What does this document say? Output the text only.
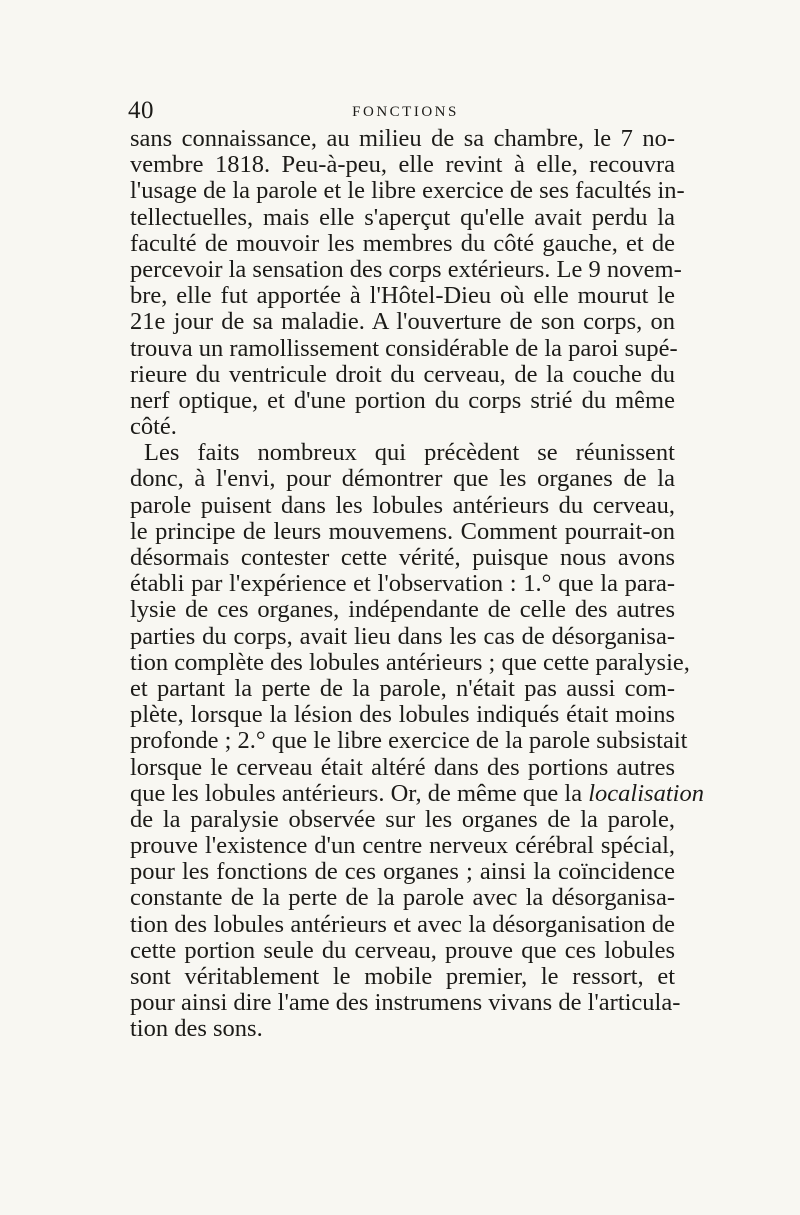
40	FONCTIONS
sans connaissance, au milieu de sa chambre, le 7 no-
vembre 1818. Peu-à-peu, elle revint à elle, recouvra
l'usage de la parole et le libre exercice de ses facultés in-
tellectuelles, mais elle s'aperçut qu'elle avait perdu la
faculté de mouvoir les membres du côté gauche, et de
percevoir la sensation des corps extérieurs. Le 9 novem-
bre, elle fut apportée à l'Hôtel-Dieu où elle mourut le
21e jour de sa maladie. A l'ouverture de son corps, on
trouva un ramollissement considérable de la paroi supé-
rieure du ventricule droit du cerveau, de la couche du
nerf optique, et d'une portion du corps strié du même
côté.
Les faits nombreux qui précèdent se réunissent
donc, à l'envi, pour démontrer que les organes de la
parole puisent dans les lobules antérieurs du cerveau,
le principe de leurs mouvemens. Comment pourrait-on
désormais contester cette vérité, puisque nous avons
établi par l'expérience et l'observation : 1.° que la para-
lysie de ces organes, indépendante de celle des autres
parties du corps, avait lieu dans les cas de désorganisa-
tion complète des lobules antérieurs ; que cette paralysie,
et partant la perte de la parole, n'était pas aussi com-
plète, lorsque la lésion des lobules indiqués était moins
profonde ; 2.° que le libre exercice de la parole subsistait
lorsque le cerveau était altéré dans des portions autres
que les lobules antérieurs. Or, de même que la localisation
de la paralysie observée sur les organes de la parole,
prouve l'existence d'un centre nerveux cérébral spécial,
pour les fonctions de ces organes ; ainsi la coïncidence
constante de la perte de la parole avec la désorganisa-
tion des lobules antérieurs et avec la désorganisation de
cette portion seule du cerveau, prouve que ces lobules
sont véritablement le mobile premier, le ressort, et
pour ainsi dire l'ame des instrumens vivans de l'articula-
tion des sons.
